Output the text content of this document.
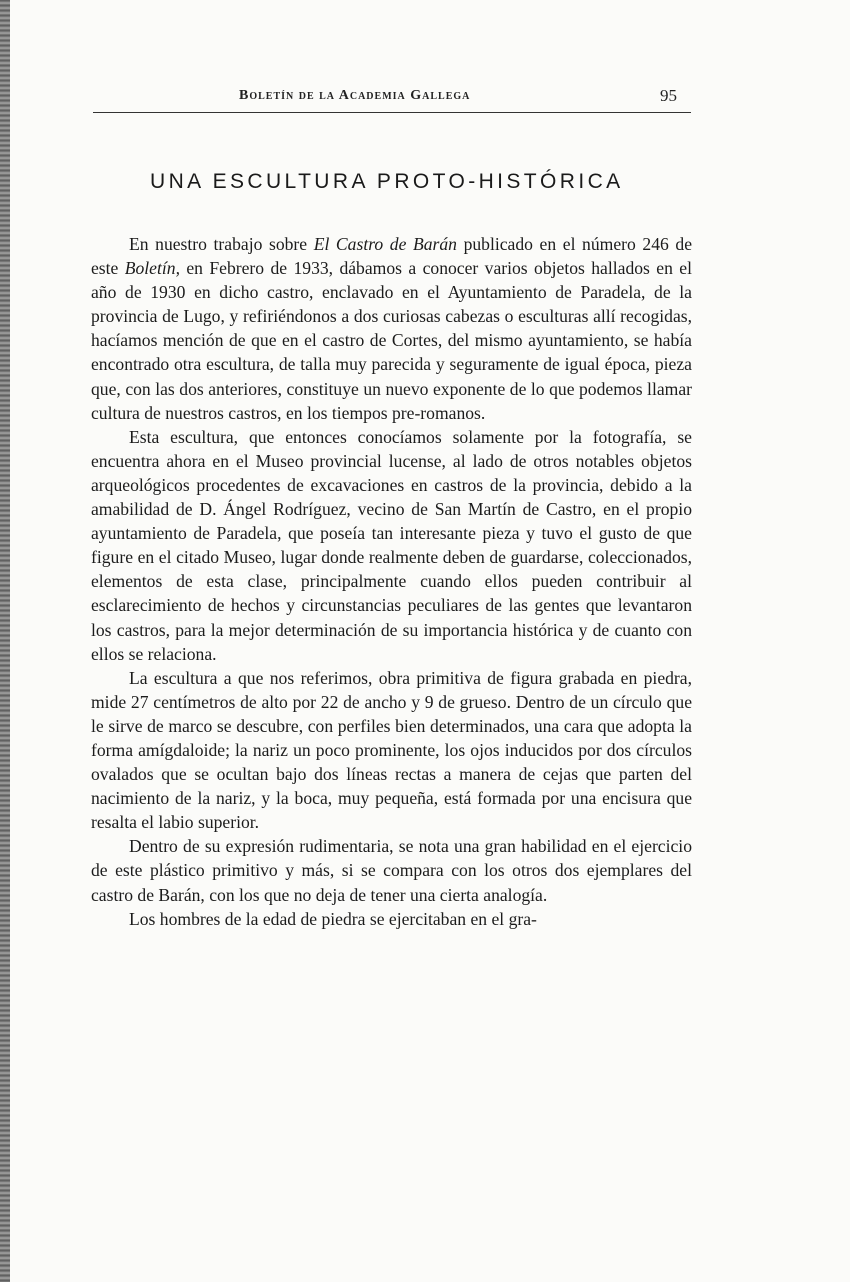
Boletín de la Academia Gallega	95
UNA ESCULTURA PROTO-HISTÓRICA

En nuestro trabajo sobre El Castro de Barán publicado en el número 246 de este Boletín, en Febrero de 1933, dábamos a conocer varios objetos hallados en el año de 1930 en dicho castro, enclavado en el Ayuntamiento de Paradela, de la provincia de Lugo, y refiriéndonos a dos curiosas cabezas o esculturas allí recogidas, hacíamos mención de que en el castro de Cortes, del mismo ayuntamiento, se había encontrado otra escultura, de talla muy parecida y seguramente de igual época, pieza que, con las dos anteriores, constituye un nuevo exponente de lo que podemos llamar cultura de nuestros castros, en los tiempos pre-romanos.

Esta escultura, que entonces conocíamos solamente por la fotografía, se encuentra ahora en el Museo provincial lucense, al lado de otros notables objetos arqueológicos procedentes de excavaciones en castros de la provincia, debido a la amabilidad de D. Ángel Rodríguez, vecino de San Martín de Castro, en el propio ayuntamiento de Paradela, que poseía tan interesante pieza y tuvo el gusto de que figure en el citado Museo, lugar donde realmente deben de guardarse, coleccionados, elementos de esta clase, principalmente cuando ellos pueden contribuir al esclarecimiento de hechos y circunstancias peculiares de las gentes que levantaron los castros, para la mejor determinación de su importancia histórica y de cuanto con ellos se relaciona.

La escultura a que nos referimos, obra primitiva de figura grabada en piedra, mide 27 centímetros de alto por 22 de ancho y 9 de grueso. Dentro de un círculo que le sirve de marco se descubre, con perfiles bien determinados, una cara que adopta la forma amígdaloide; la nariz un poco prominente, los ojos inducidos por dos círculos ovalados que se ocultan bajo dos líneas rectas a manera de cejas que parten del nacimiento de la nariz, y la boca, muy pequeña, está formada por una encisura que resalta el labio superior.

Dentro de su expresión rudimentaria, se nota una gran habilidad en el ejercicio de este plástico primitivo y más, si se compara con los otros dos ejemplares del castro de Barán, con los que no deja de tener una cierta analogía.

Los hombres de la edad de piedra se ejercitaban en el gra-
